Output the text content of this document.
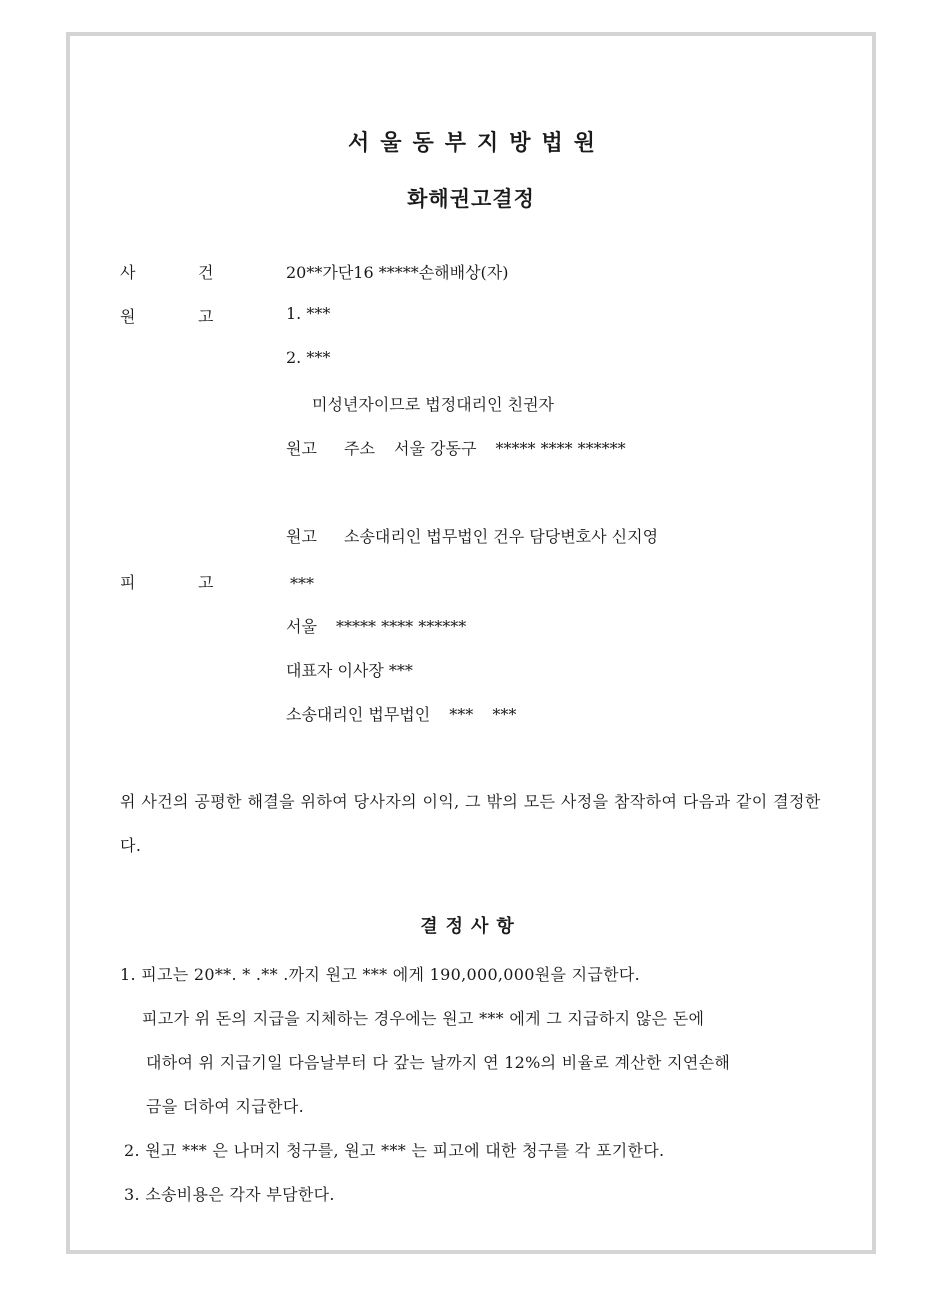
서울동부지방법원
화해권고결정
사	건	20**가단16 *****손해배상(자)
원	고	1. ***
2. ***
미성년자이므로 법정대리인 친권자
원고 주소 서울 강동구 ***** **** ******
원고 소송대리인 법무법인 건우 담당변호사 신지영
피	고	***
서울 ***** **** ******
대표자 이사장 ***
소송대리인 법무법인 *** ***
위 사건의 공평한 해결을 위하여 당사자의 이익, 그 밖의 모든 사정을 참작하여 다음과 같이 결정한다.
결정사항
1. 피고는 20**. * .** .까지 원고 *** 에게 190,000,000원을 지급한다.
피고가 위 돈의 지급을 지체하는 경우에는 원고 *** 에게 그 지급하지 않은 돈에
대하여 위 지급기일 다음날부터 다 갚는 날까지 연 12%의 비율로 계산한 지연손해
금을 더하여 지급한다.
2. 원고 *** 은 나머지 청구를, 원고 *** 는 피고에 대한 청구를 각 포기한다.
3. 소송비용은 각자 부담한다.
